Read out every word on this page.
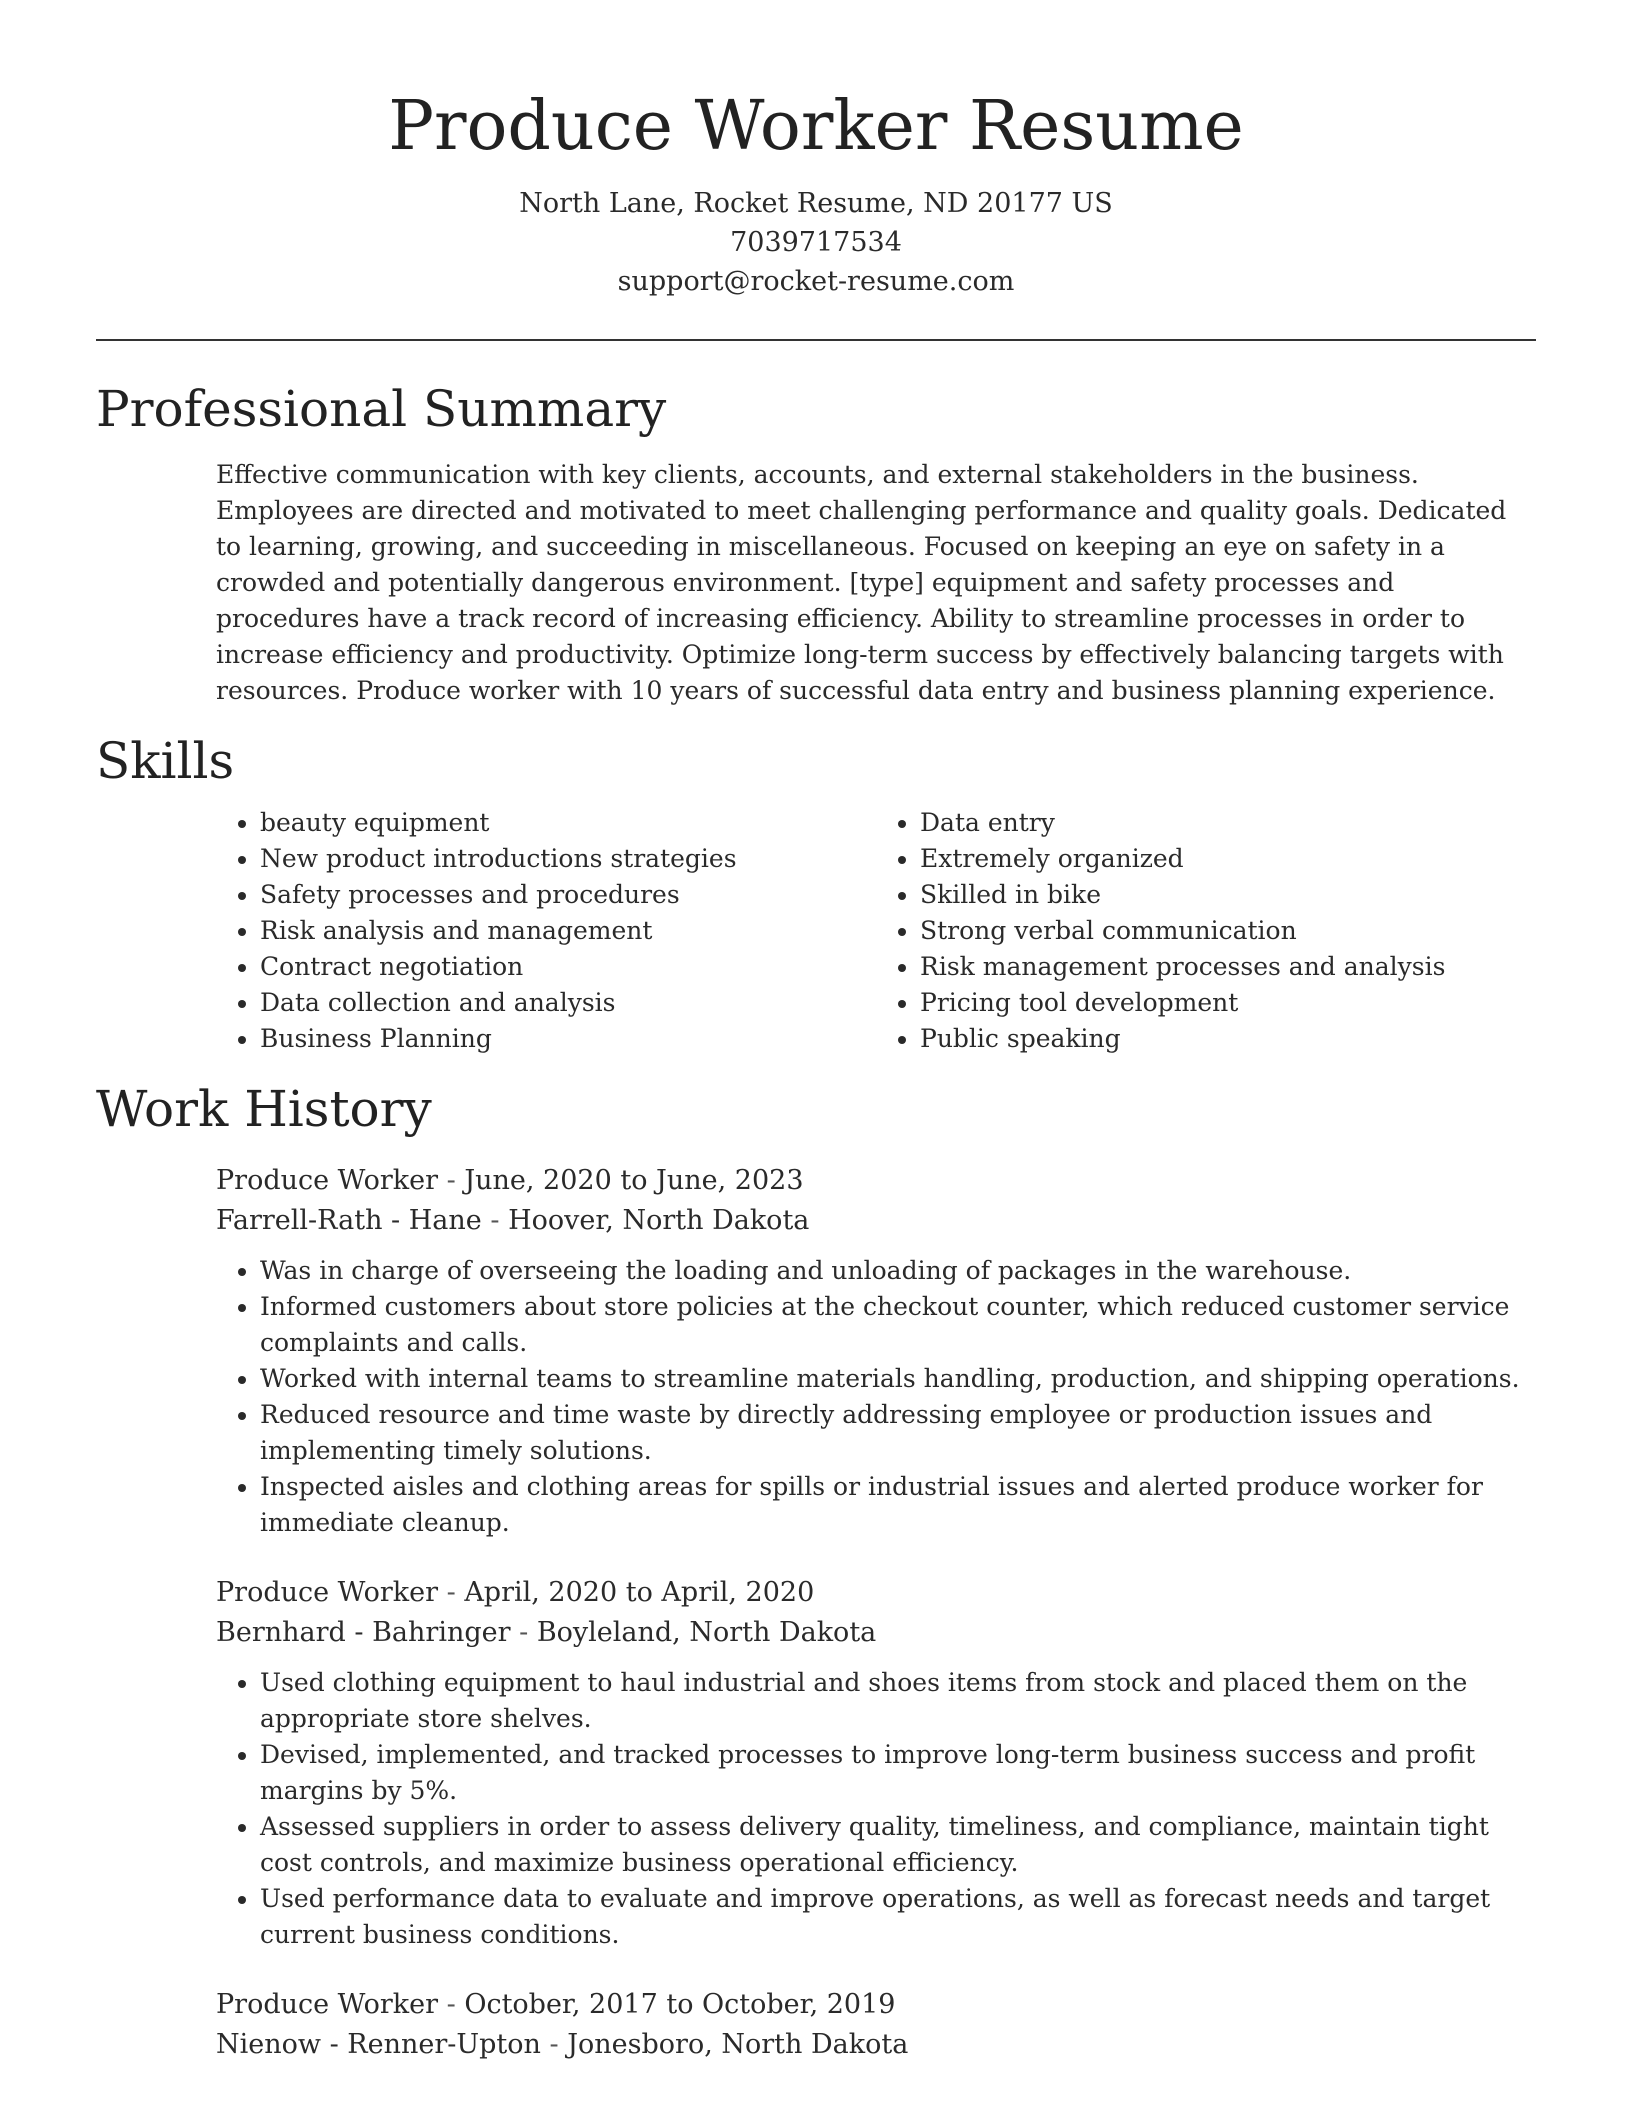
Produce Worker Resume
North Lane, Rocket Resume, ND 20177 US
7039717534
support@rocket-resume.com
Professional Summary

Effective communication with key clients, accounts, and external stakeholders in the business. Employees are directed and motivated to meet challenging performance and quality goals. Dedicated to learning, growing, and succeeding in miscellaneous. Focused on keeping an eye on safety in a crowded and potentially dangerous environment. [type] equipment and safety processes and procedures have a track record of increasing efficiency. Ability to streamline processes in order to increase efficiency and productivity. Optimize long-term success by effectively balancing targets with resources. Produce worker with 10 years of successful data entry and business planning experience.

Skills
• beauty equipment
• New product introductions strategies
• Safety processes and procedures
• Risk analysis and management
• Contract negotiation
• Data collection and analysis
• Business Planning
• Data entry
• Extremely organized
• Skilled in bike
• Strong verbal communication
• Risk management processes and analysis
• Pricing tool development
• Public speaking
Work History
Produce Worker - June, 2020 to June, 2023
Farrell-Rath - Hane - Hoover, North Dakota
• Was in charge of overseeing the loading and unloading of packages in the warehouse.
• Informed customers about store policies at the checkout counter, which reduced customer service complaints and calls.
• Worked with internal teams to streamline materials handling, production, and shipping operations.
• Reduced resource and time waste by directly addressing employee or production issues and implementing timely solutions.
• Inspected aisles and clothing areas for spills or industrial issues and alerted produce worker for immediate cleanup.
Produce Worker - April, 2020 to April, 2020
Bernhard - Bahringer - Boyleland, North Dakota
• Used clothing equipment to haul industrial and shoes items from stock and placed them on the appropriate store shelves.
• Devised, implemented, and tracked processes to improve long-term business success and profit margins by 5%.
• Assessed suppliers in order to assess delivery quality, timeliness, and compliance, maintain tight cost controls, and maximize business operational efficiency.
• Used performance data to evaluate and improve operations, as well as forecast needs and target current business conditions.
Produce Worker - October, 2017 to October, 2019
Nienow - Renner-Upton - Jonesboro, North Dakota
